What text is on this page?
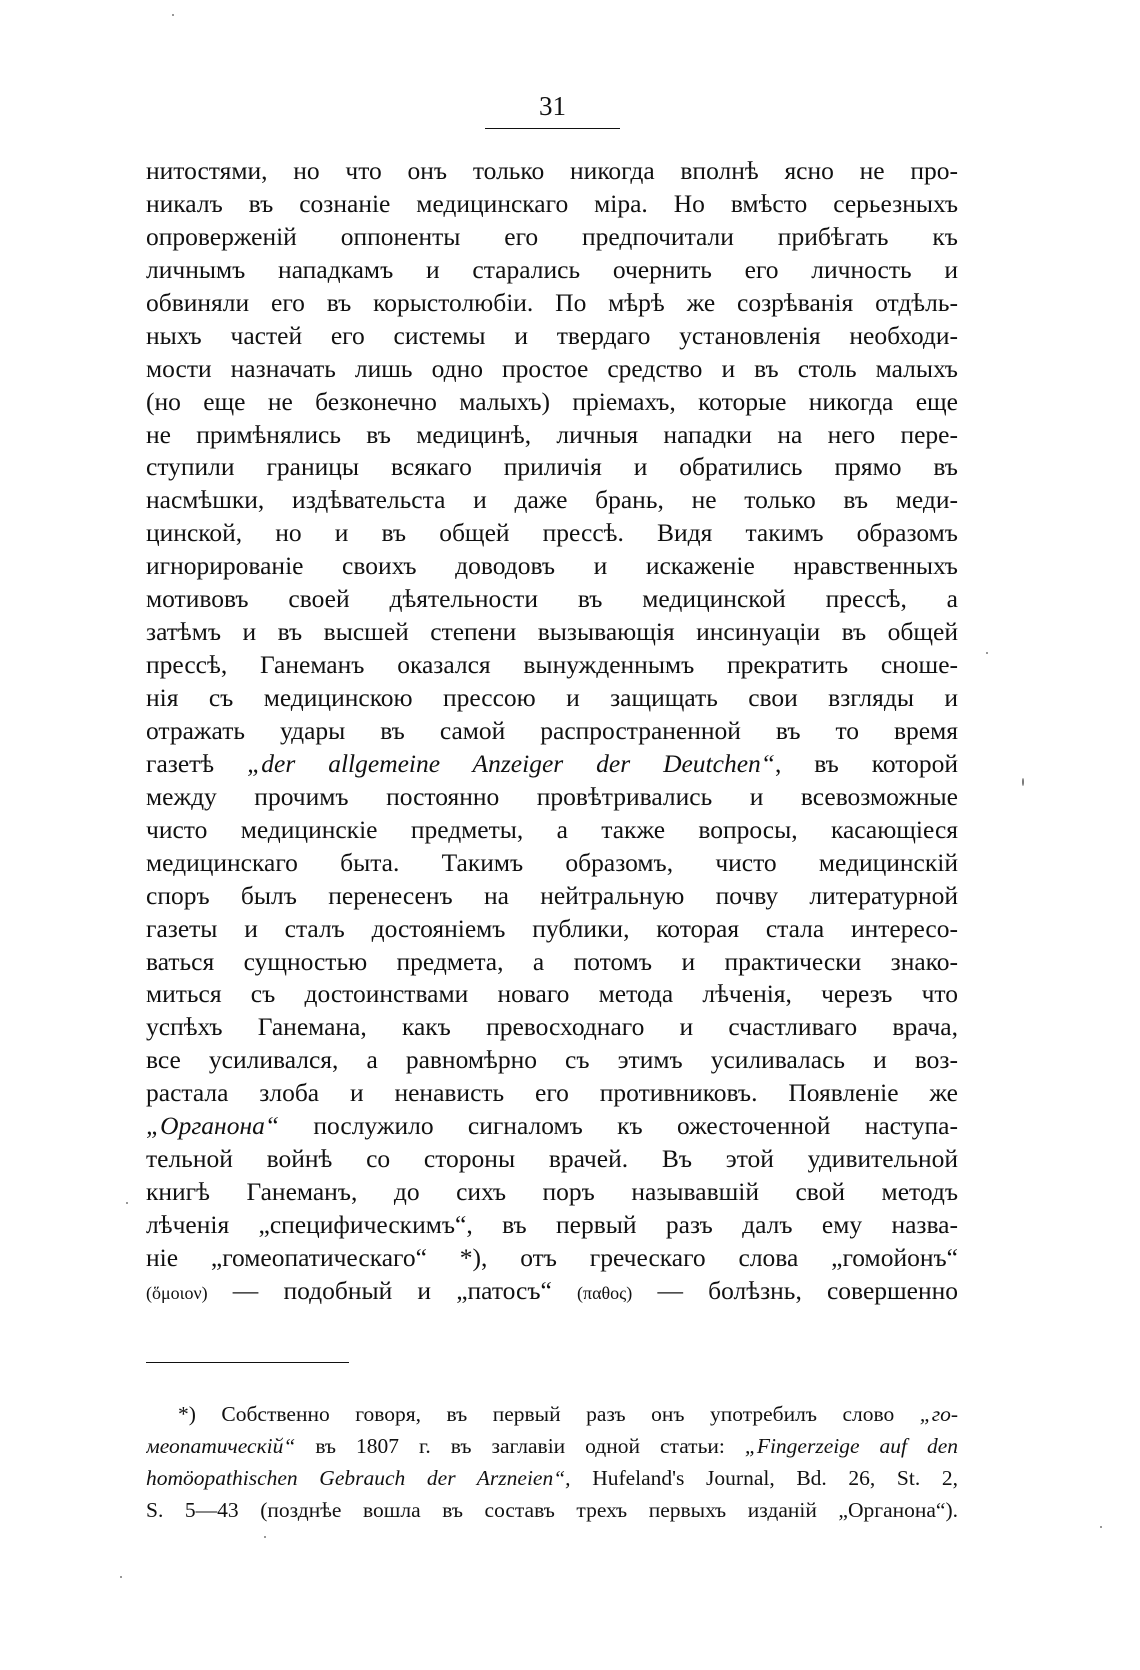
31
нитостями, но что онъ только никогда вполнѣ ясно не про-
никалъ въ сознаніе медицинскаго міра. Но вмѣсто серьезныхъ
опроверженій оппоненты его предпочитали прибѣгать къ
личнымъ нападкамъ и старались очернить его личность и
обвиняли его въ корыстолюбіи. По мѣрѣ же созрѣванія отдѣль-
ныхъ частей его системы и твердаго установленія необходи-
мости назначать лишь одно простое средство и въ столь малыхъ
(но еще не безконечно малыхъ) пріемахъ, которые никогда еще
не примѣнялись въ медицинѣ, личныя нападки на него пере-
ступили границы всякаго приличія и обратились прямо въ
насмѣшки, издѣвательста и даже брань, не только въ меди-
цинской, но и въ общей прессѣ. Видя такимъ образомъ
игнорированіе своихъ доводовъ и искаженіе нравственныхъ
мотивовъ своей дѣятельности въ медицинской прессѣ, а
затѣмъ и въ высшей степени вызывающія инсинуаціи въ общей
прессѣ, Ганеманъ оказался вынужденнымъ прекратить сноше-
нія съ медицинскою прессою и защищать свои взгляды и
отражать удары въ самой распространенной въ то время
газетѣ „der allgemeine Anzeiger der Deutchen“, въ которой
между прочимъ постоянно провѣтривались и всевозможные
чисто медицинскіе предметы, а также вопросы, касающіеся
медицинскаго быта. Такимъ образомъ, чисто медицинскій
споръ былъ перенесенъ на нейтральную почву литературной
газеты и сталъ достояніемъ публики, которая стала интересо-
ваться сущностью предмета, а потомъ и практически знако-
миться съ достоинствами новаго метода лѣченія, черезъ что
успѣхъ Ганемана, какъ превосходнаго и счастливаго врача,
все усиливался, а равномѣрно съ этимъ усиливалась и воз-
растала злоба и ненависть его противниковъ. Появленіе же
„Органона“ послужило сигналомъ къ ожесточенной наступа-
тельной войнѣ со стороны врачей. Въ этой удивительной
книгѣ Ганеманъ, до сихъ поръ называвшій свой методъ
лѣченія „специфическимъ“, въ первый разъ далъ ему назва-
ніе „гомеопатическаго“ *), отъ греческаго слова „гомойонъ“
(ὅμοιον) — подобный и „патосъ“ (παθος) — болѣзнь, совершенно
*) Собственно говоря, въ первый разъ онъ употребилъ слово „го-
меопатическій“ въ 1807 г. въ заглавіи одной статьи: „Fingerzeige auf den
homöopathischen Gebrauch der Arzneien“, Hufeland's Journal, Bd. 26, St. 2,
S. 5—43 (позднѣе вошла въ составъ трехъ первыхъ изданій „Органона“).
